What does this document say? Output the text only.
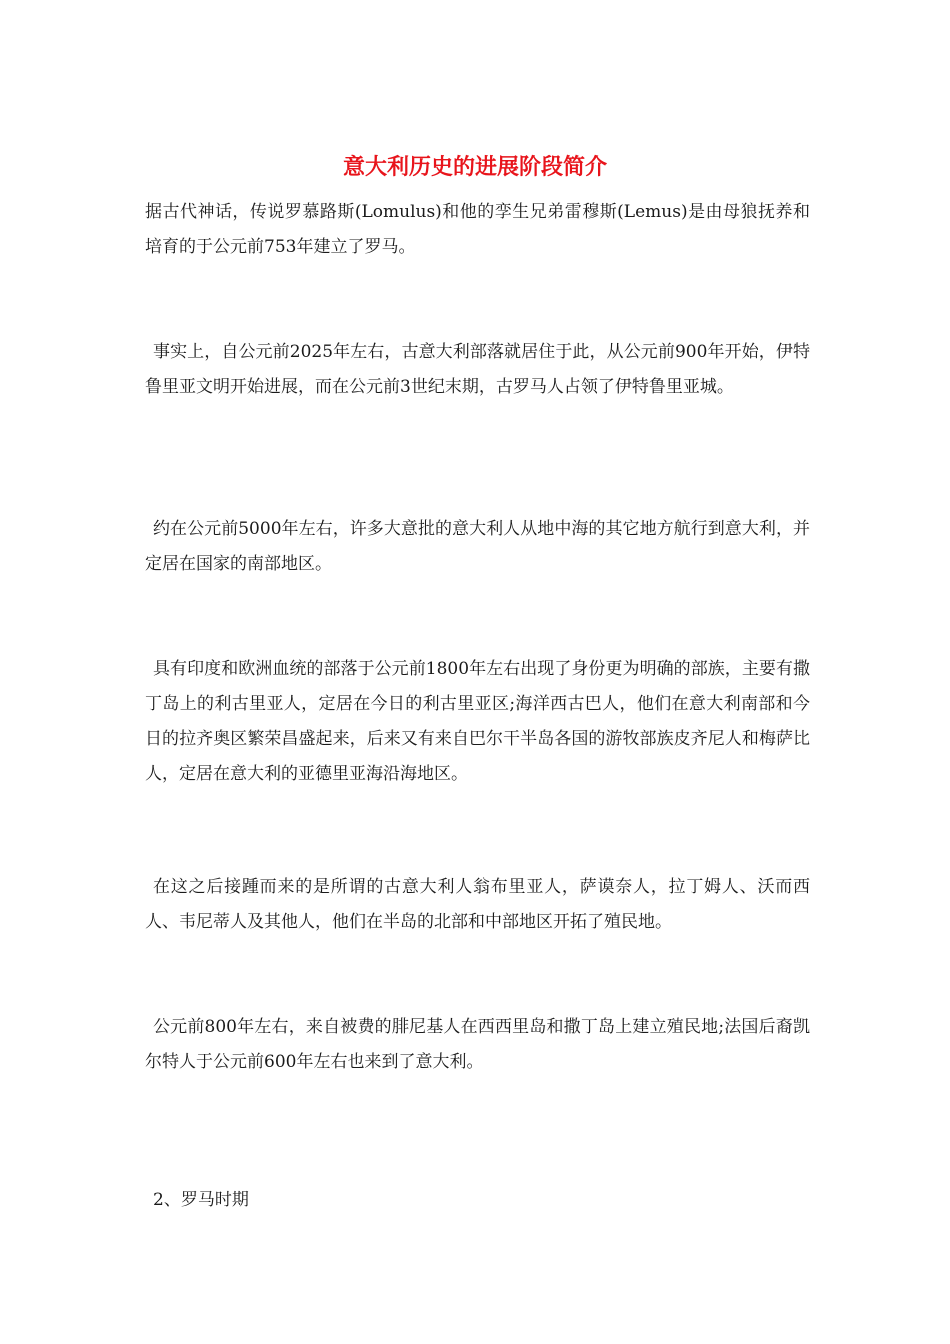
意大利历史的进展阶段简介

据古代神话，传说罗慕路斯(Lomulus)和他的孪生兄弟雷穆斯(Lemus)是由母狼抚养和培育的于公元前753年建立了罗马。

事实上，自公元前2025年左右，古意大利部落就居住于此，从公元前900年开始，伊特鲁里亚文明开始进展，而在公元前3世纪末期，古罗马人占领了伊特鲁里亚城。

约在公元前5000年左右，许多大意批的意大利人从地中海的其它地方航行到意大利，并定居在国家的南部地区。

具有印度和欧洲血统的部落于公元前1800年左右出现了身份更为明确的部族，主要有撒丁岛上的利古里亚人，定居在今日的利古里亚区;海洋西古巴人，他们在意大利南部和今日的拉齐奥区繁荣昌盛起来，后来又有来自巴尔干半岛各国的游牧部族皮齐尼人和梅萨比人，定居在意大利的亚德里亚海沿海地区。

在这之后接踵而来的是所谓的古意大利人翁布里亚人，萨谟奈人，拉丁姆人、沃而西人、韦尼蒂人及其他人，他们在半岛的北部和中部地区开拓了殖民地。

公元前800年左右，来自被费的腓尼基人在西西里岛和撒丁岛上建立殖民地;法国后裔凯尔特人于公元前600年左右也来到了意大利。

2、罗马时期
